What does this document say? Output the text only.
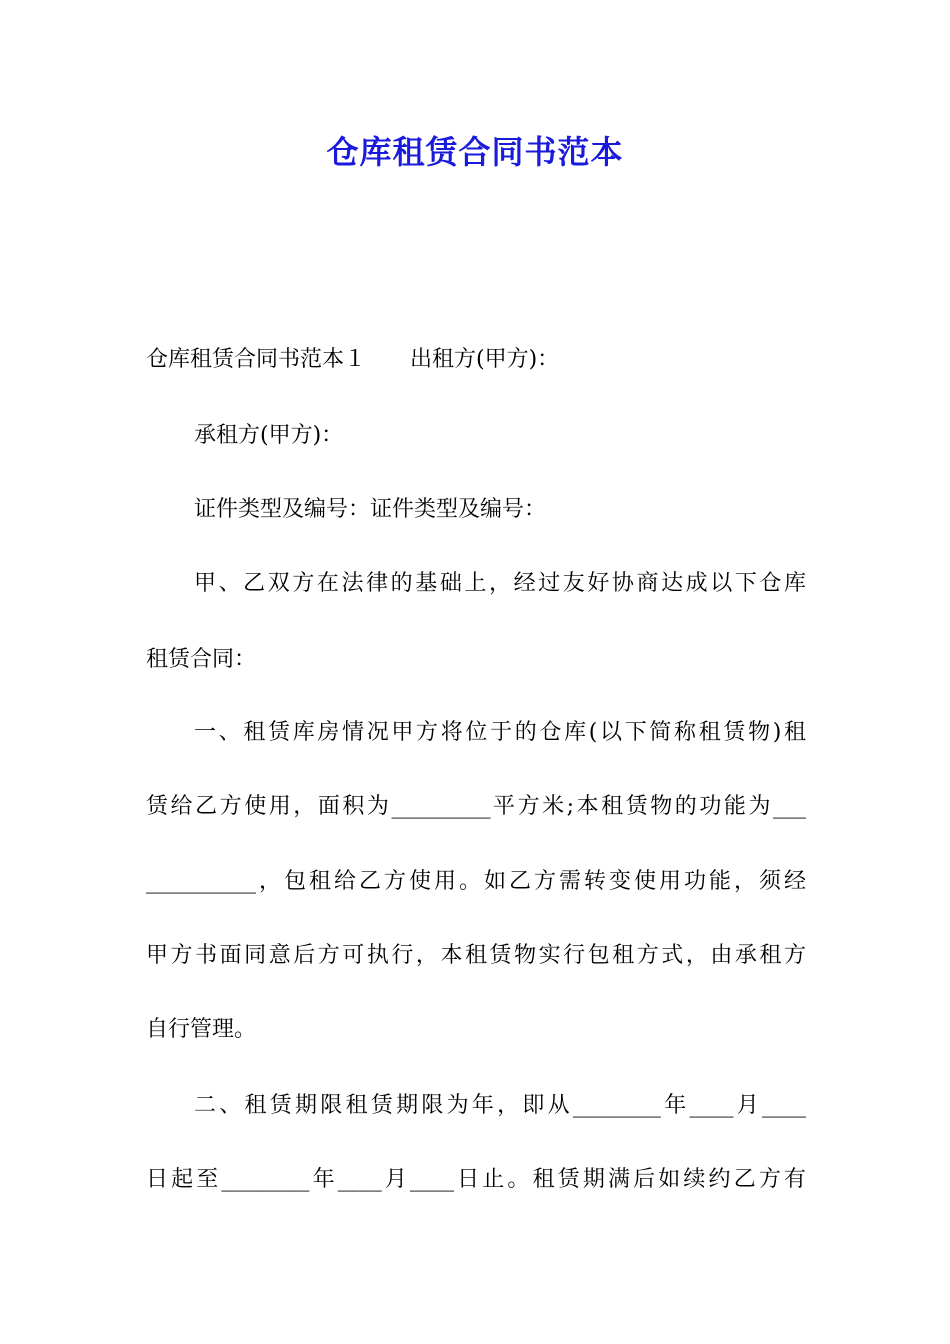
仓库租赁合同书范本
仓库租赁合同书范本１　　出租方(甲方)：
承租方(甲方)：
证件类型及编号：证件类型及编号：
甲、乙双方在法律的基础上，经过友好协商达成以下仓库
租赁合同：
一、租赁库房情况甲方将位于的仓库(以下简称租赁物)租
赁给乙方使用，面积为_________平方米;本租赁物的功能为___
__________，包租给乙方使用。如乙方需转变使用功能，须经
甲方书面同意后方可执行，本租赁物实行包租方式，由承租方
自行管理。
二、租赁期限租赁期限为年，即从________年____月____
日起至________年____月____日止。租赁期满后如续约乙方有
